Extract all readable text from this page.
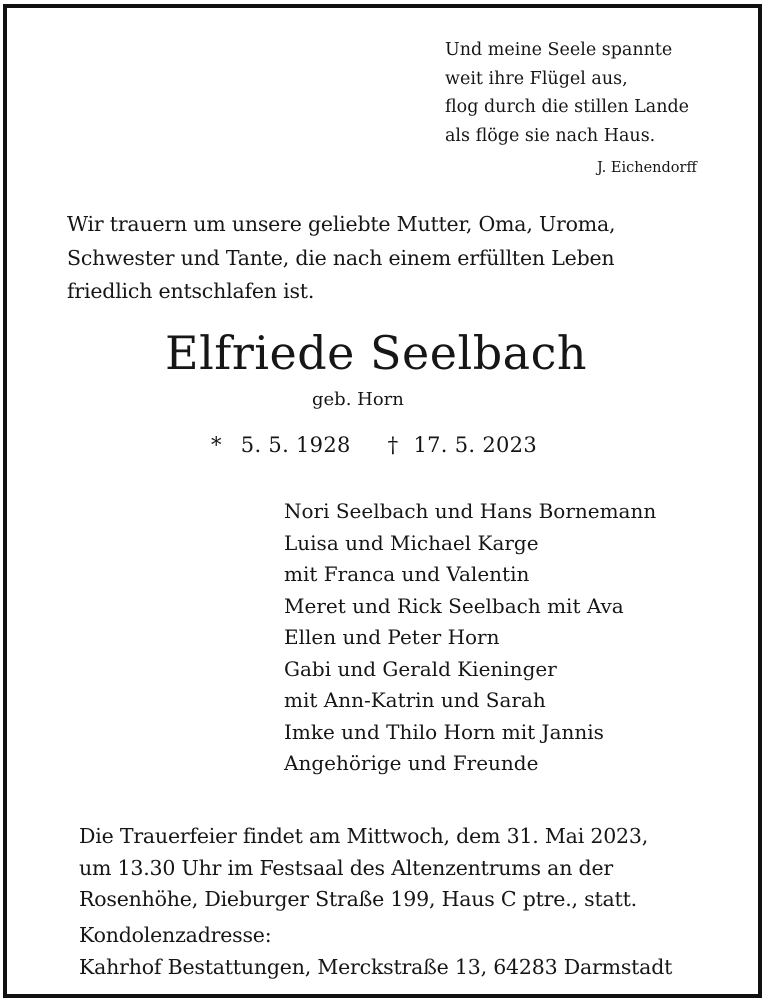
Und meine Seele spannte
weit ihre Flügel aus,
flog durch die stillen Lande
als flöge sie nach Haus.
J. Eichendorff
Wir trauern um unsere geliebte Mutter, Oma, Uroma,
Schwester und Tante, die nach einem erfüllten Leben
friedlich entschlafen ist.
Elfriede Seelbach
geb. Horn
* 5. 5. 1928 † 17. 5. 2023
Nori Seelbach und Hans Bornemann
Luisa und Michael Karge
mit Franca und Valentin
Meret und Rick Seelbach mit Ava
Ellen und Peter Horn
Gabi und Gerald Kieninger
mit Ann-Katrin und Sarah
Imke und Thilo Horn mit Jannis
Angehörige und Freunde
Die Trauerfeier findet am Mittwoch, dem 31. Mai 2023,
um 13.30 Uhr im Festsaal des Altenzentrums an der
Rosenhöhe, Dieburger Straße 199, Haus C ptre., statt.
Kondolenzadresse:
Kahrhof Bestattungen, Merckstraße 13, 64283 Darmstadt
